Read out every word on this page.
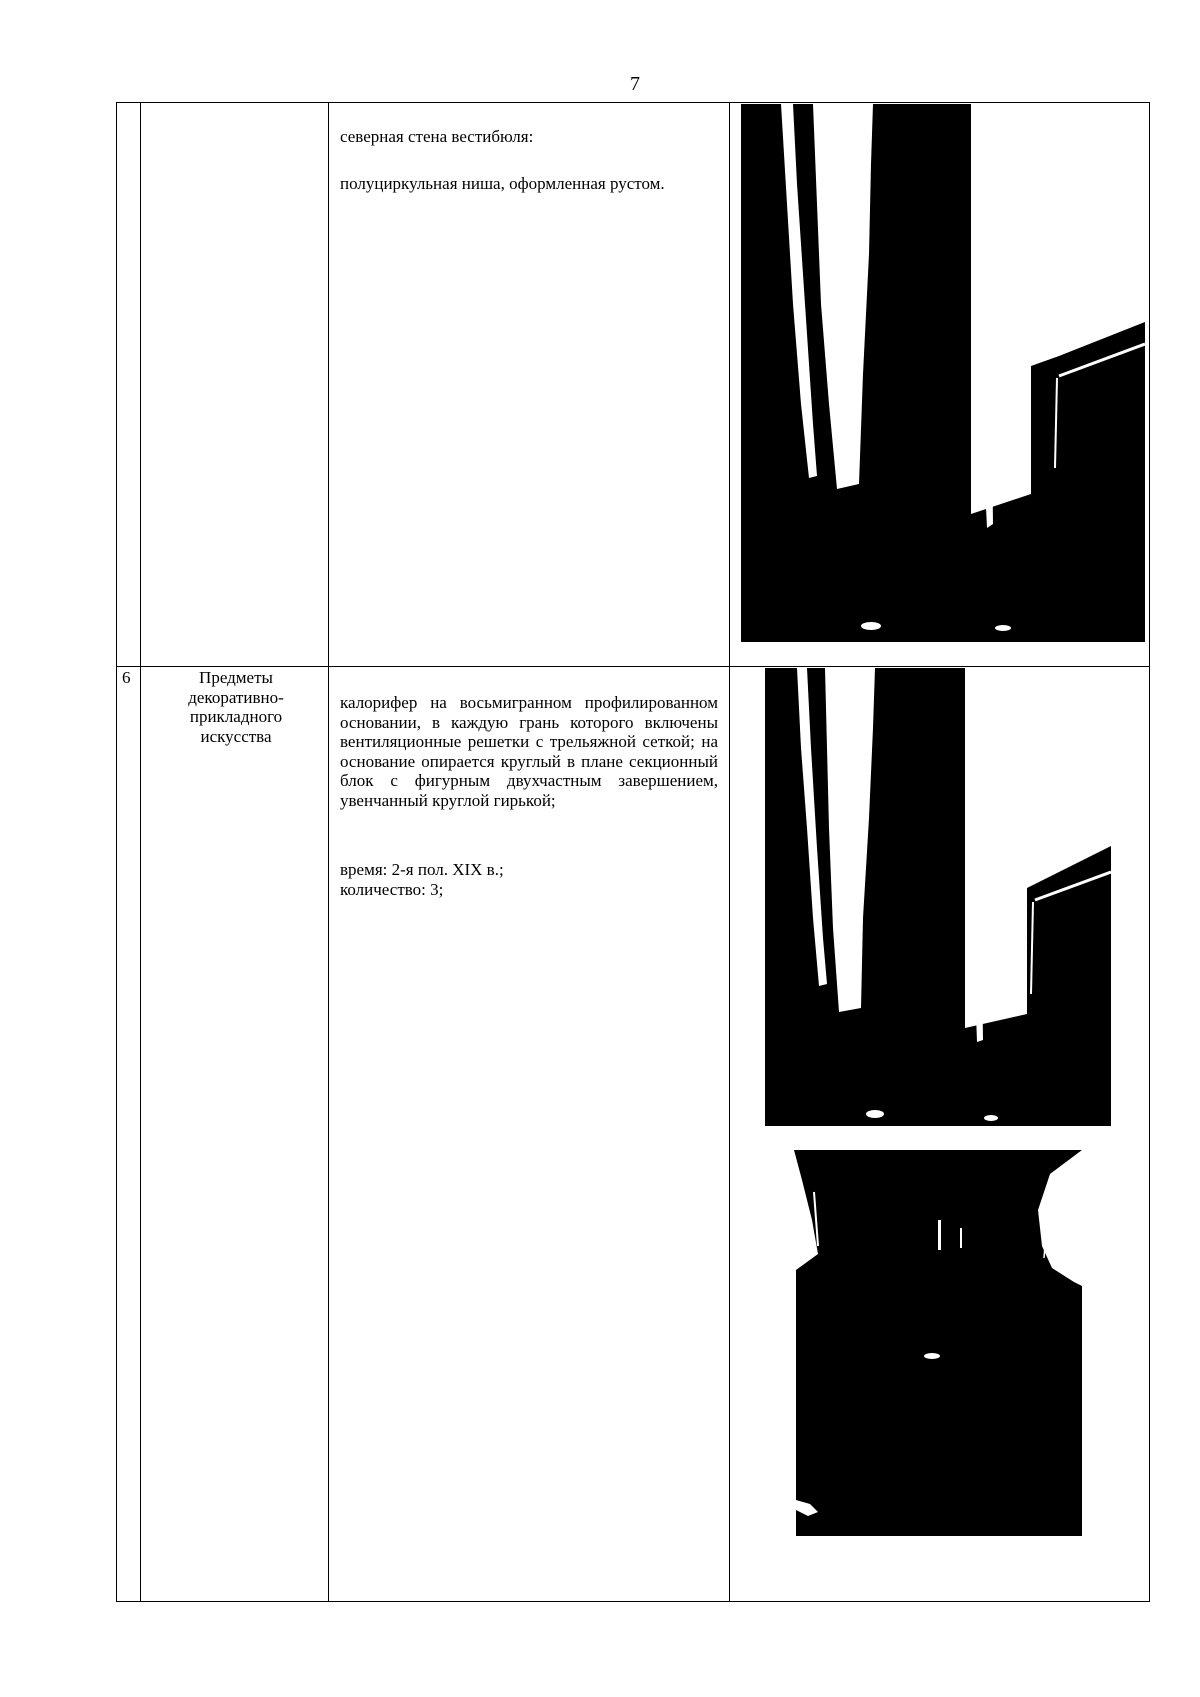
7

северная стена вестибюля:

полуциркульная ниша, оформленная рустом.

6	Предметы декоративно-прикладного искусства

калорифер на восьмигранном профилированном основании, в каждую грань которого включены вентиляционные решетки с трельяжной сеткой; на основание опирается круглый в плане секционный блок с фигурным двухчастным завершением, увенчанный круглой гирькой;

время: 2-я пол. XIX в.;

количество: 3;
